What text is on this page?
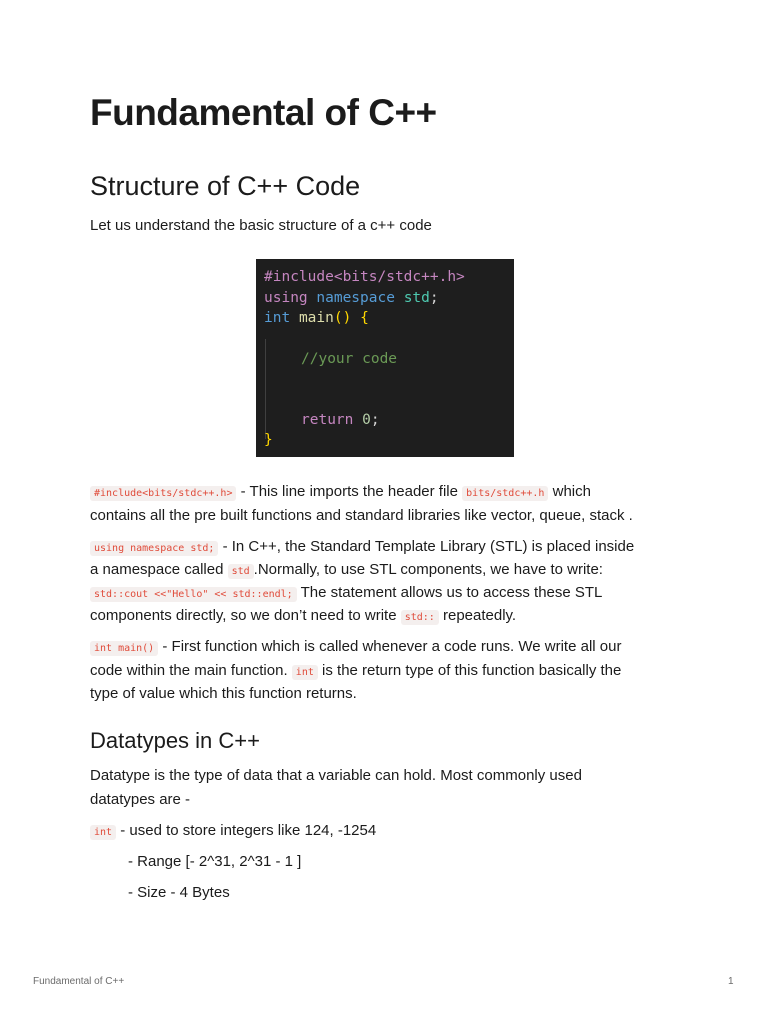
Fundamental of C++
Structure of C++ Code

Let us understand the basic structure of a c++ code

#include<bits/stdc++.h>
using namespace std;
int main() {
//your code
return 0;
}

#include<bits/stdc++.h> - This line imports the header file bits/stdc++.h which

contains all the pre built functions and standard libraries like vector, queue, stack .

using namespace std; - In C++, the Standard Template Library (STL) is placed inside

a namespace called std .Normally, to use STL components, we have to write:

std::cout <<"Hello" << std::endl; The statement allows us to access these STL

components directly, so we don’t need to write std:: repeatedly.

int main() - First function which is called whenever a code runs. We write all our

code within the main function. int is the return type of this function basically the

type of value which this function returns.

Datatypes in C++

Datatype is the type of data that a variable can hold. Most commonly used

datatypes are -

int - used to store integers like 124, -1254

- Range [- 2^31, 2^31 - 1 ]

- Size - 4 Bytes

Fundamental of C++	1
